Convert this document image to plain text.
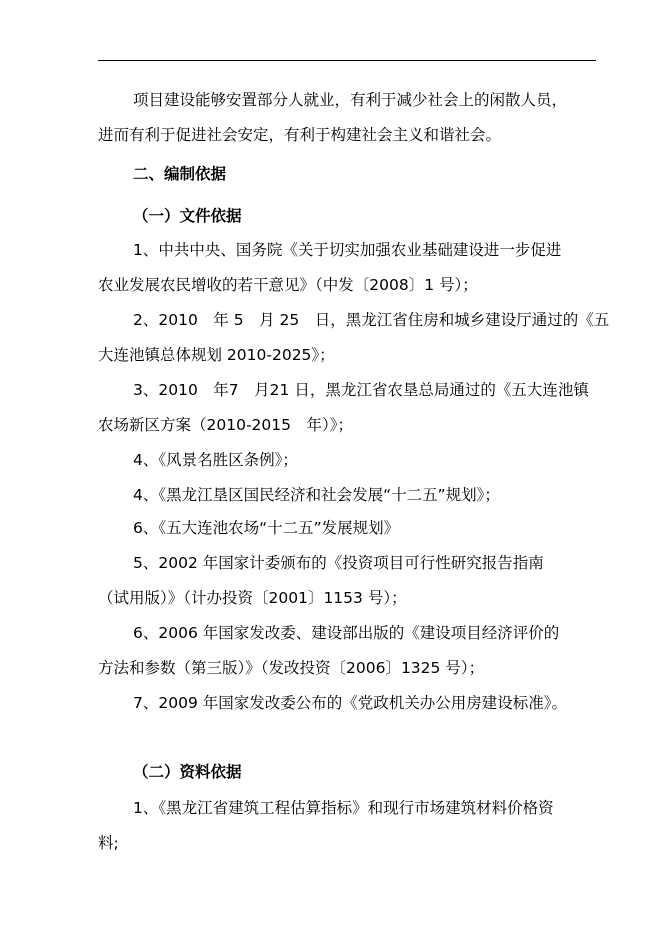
项目建设能够安置部分人就业，有利于减少社会上的闲散人员，
进而有利于促进社会安定，有利于构建社会主义和谐社会。
二、编制依据
（一）文件依据
1、中共中央、国务院《关于切实加强农业基础建设进一步促进
农业发展农民增收的若干意见》（中发〔2008〕1 号）；
2、2010　年 5　月 25　日，黑龙江省住房和城乡建设厅通过的《五
大连池镇总体规划 2010-2025》；
3、2010　年7　月21 日，黑龙江省农垦总局通过的《五大连池镇
农场新区方案（2010-2015　年）》；
4、《风景名胜区条例》；
4、《黑龙江垦区国民经济和社会发展“十二五”规划》；
6、《五大连池农场“十二五”发展规划》
5、2002 年国家计委颁布的《投资项目可行性研究报告指南
（试用版）》（计办投资〔2001〕1153 号）；
6、2006 年国家发改委、建设部出版的《建设项目经济评价的
方法和参数（第三版）》（发改投资〔2006〕1325 号）；
7、2009 年国家发改委公布的《党政机关办公用房建设标准》。
（二）资料依据
1、《黑龙江省建筑工程估算指标》和现行市场建筑材料价格资
料;
